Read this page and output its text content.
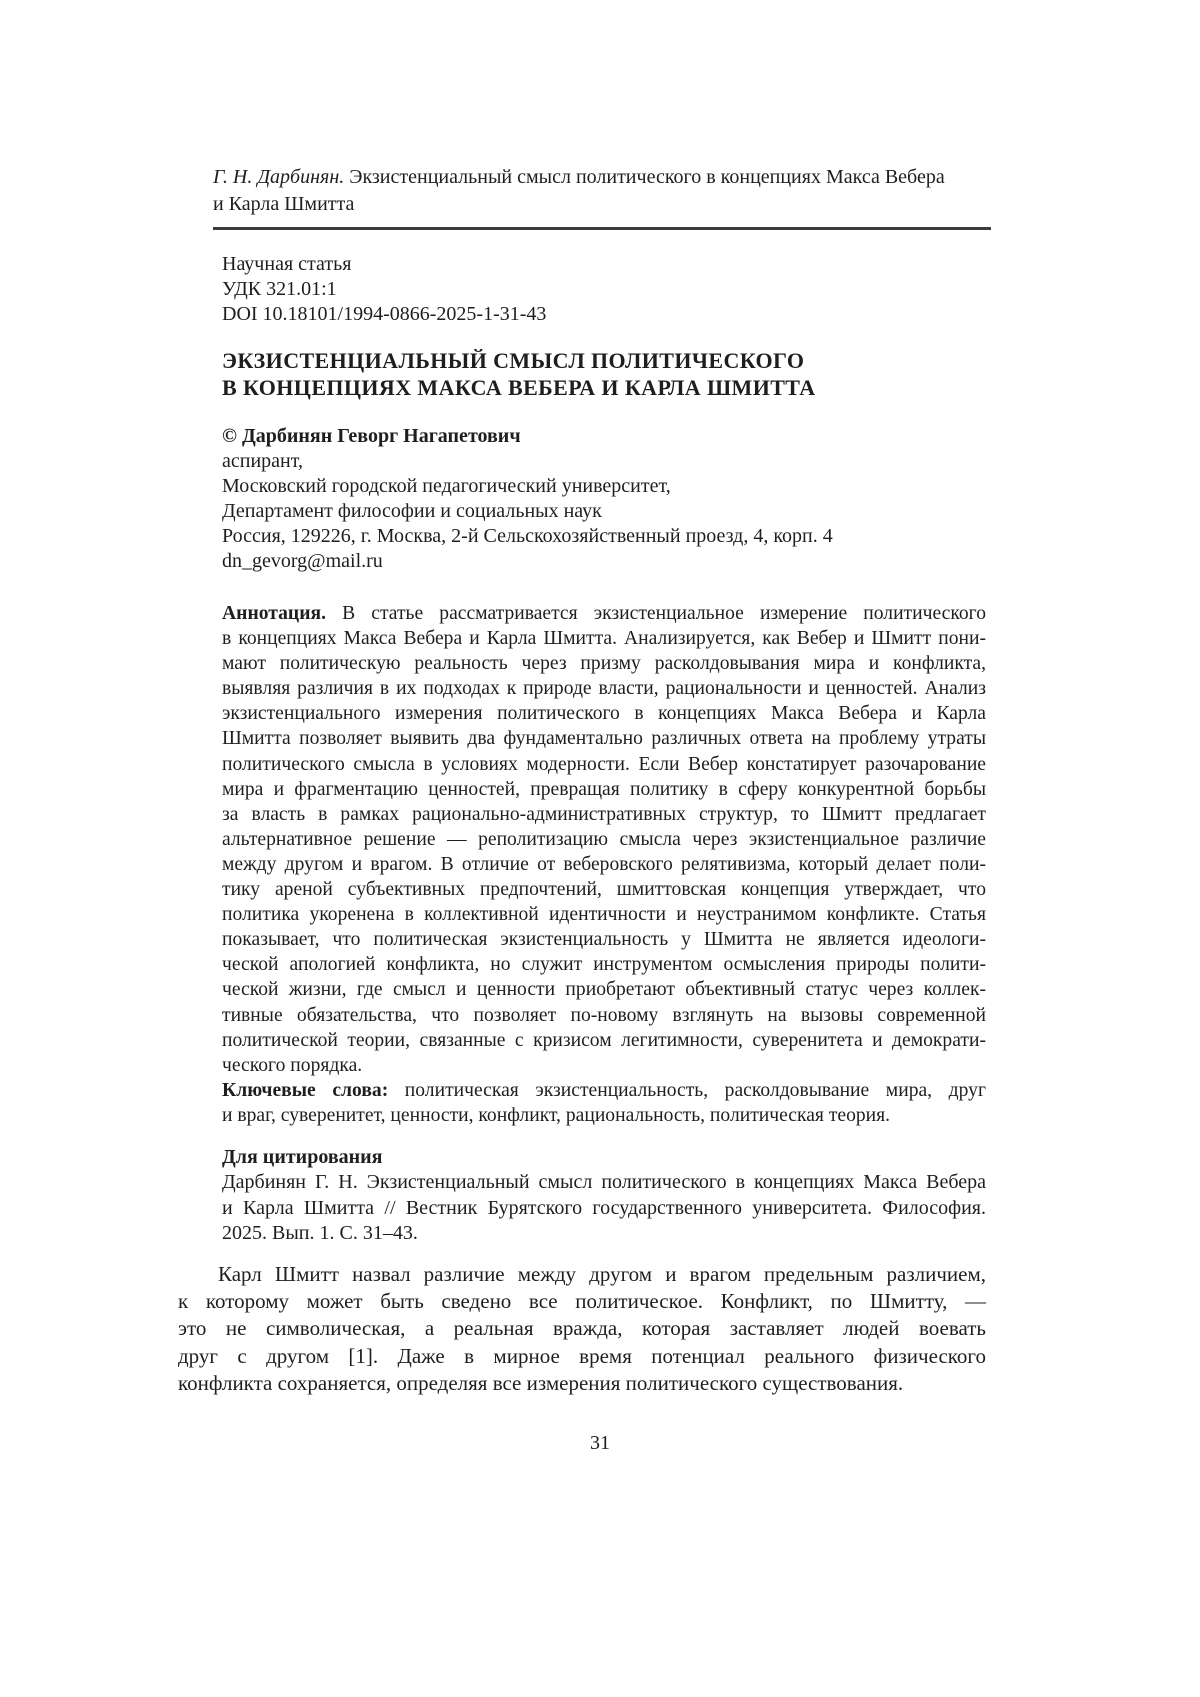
Г. Н. Дарбинян. Экзистенциальный смысл политического в концепциях Макса Вебера
и Карла Шмитта
Научная статья
УДК 321.01:1
DOI 10.18101/1994-0866-2025-1-31-43
ЭКЗИСТЕНЦИАЛЬНЫЙ СМЫСЛ ПОЛИТИЧЕСКОГО
В КОНЦЕПЦИЯХ МАКСА ВЕБЕРА И КАРЛА ШМИТТА
© Дарбинян Геворг Нагапетович
аспирант,
Московский городской педагогический университет,
Департамент философии и социальных наук
Россия, 129226, г. Москва, 2-й Сельскохозяйственный проезд, 4, корп. 4
dn_gevorg@mail.ru
Аннотация. В статье рассматривается экзистенциальное измерение политического
в концепциях Макса Вебера и Карла Шмитта. Анализируется, как Вебер и Шмитт пони-
мают политическую реальность через призму расколдовывания мира и конфликта,
выявляя различия в их подходах к природе власти, рациональности и ценностей. Анализ
экзистенциального измерения политического в концепциях Макса Вебера и Карла
Шмитта позволяет выявить два фундаментально различных ответа на проблему утраты
политического смысла в условиях модерности. Если Вебер констатирует разочарование
мира и фрагментацию ценностей, превращая политику в сферу конкурентной борьбы
за власть в рамках рационально-административных структур, то Шмитт предлагает
альтернативное решение — реполитизацию смысла через экзистенциальное различие
между другом и врагом. В отличие от веберовского релятивизма, который делает поли-
тику ареной субъективных предпочтений, шмиттовская концепция утверждает, что
политика укоренена в коллективной идентичности и неустранимом конфликте. Статья
показывает, что политическая экзистенциальность у Шмитта не является идеологи-
ческой апологией конфликта, но служит инструментом осмысления природы полити-
ческой жизни, где смысл и ценности приобретают объективный статус через коллек-
тивные обязательства, что позволяет по-новому взглянуть на вызовы современной
политической теории, связанные с кризисом легитимности, суверенитета и демократи-
ческого порядка.
Ключевые слова: политическая экзистенциальность, расколдовывание мира, друг
и враг, суверенитет, ценности, конфликт, рациональность, политическая теория.
Для цитирования
Дарбинян Г. Н. Экзистенциальный смысл политического в концепциях Макса Вебера
и Карла Шмитта // Вестник Бурятского государственного университета. Философия.
2025. Вып. 1. С. 31–43.
Карл Шмитт назвал различие между другом и врагом предельным различием,
к которому может быть сведено все политическое. Конфликт, по Шмитту, —
это не символическая, а реальная вражда, которая заставляет людей воевать
друг с другом [1]. Даже в мирное время потенциал реального физического
конфликта сохраняется, определяя все измерения политического существования.
31
